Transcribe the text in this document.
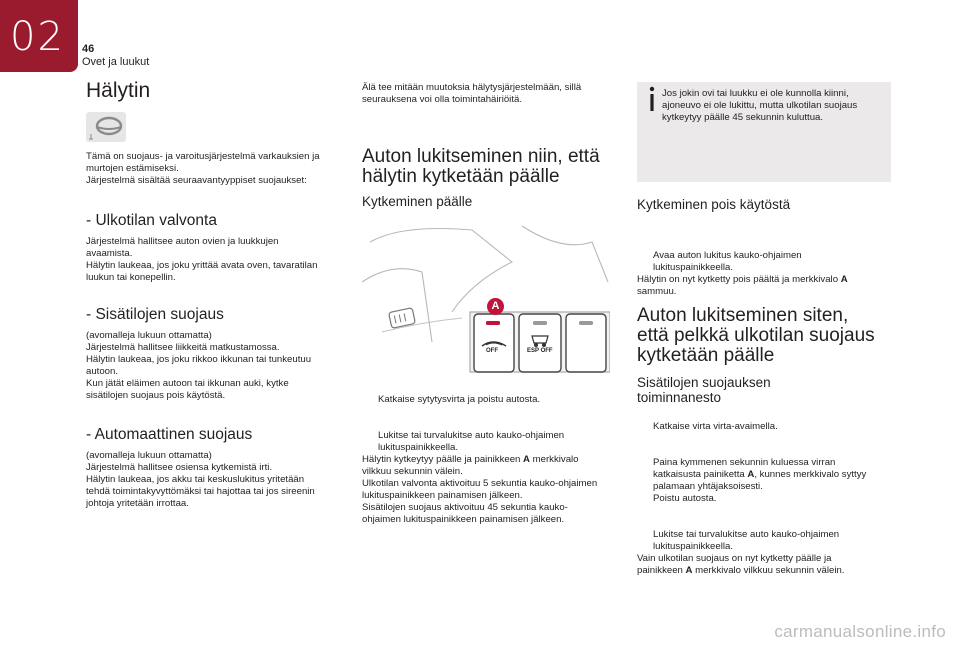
02 46
Ovet ja luukut
Hälytin
Tämä on suojaus- ja varoitusjärjestelmä varkauksien ja
murtojen estämiseksi.
Järjestelmä sisältää seuraavantyyppiset suojaukset:
- Ulkotilan valvonta
Järjestelmä hallitsee auton ovien ja luukkujen
avaamista.
Hälytin laukeaa, jos joku yrittää avata oven, tavaratilan
luukun tai konepellin.
- Sisätilojen suojaus
(avomalleja lukuun ottamatta)
Järjestelmä hallitsee liikkeitä matkustamossa.
Hälytin laukeaa, jos joku rikkoo ikkunan tai tunkeutuu
autoon.
Kun jätät eläimen autoon tai ikkunan auki, kytke
sisätilojen suojaus pois käytöstä.
- Automaattinen suojaus
(avomalleja lukuun ottamatta)
Järjestelmä hallitsee osiensa kytkemistä irti.
Hälytin laukeaa, jos akku tai keskuslukitus yritetään
tehdä toimintakyvyttömäksi tai hajottaa tai jos sireenin
johtoja yritetään irrottaa.
Älä tee mitään muutoksia hälytysjärjestelmään, sillä
seurauksena voi olla toimintahäiriöitä.
Auton lukitseminen niin, että
hälytin kytketään päälle
Kytkeminen päälle
A
OFF	ESP OFF
Katkaise sytytysvirta ja poistu autosta.

Lukitse tai turvalukitse auto kauko-ohjaimen
lukituspainikkeella.

Hälytin kytkeytyy päälle ja painikkeen A merkkivalo
vilkkuu sekunnin välein.
Ulkotilan valvonta aktivoituu 5 sekuntia kauko-ohjaimen
lukituspainikkeen painamisen jälkeen.
Sisätilojen suojaus aktivoituu 45 sekuntia kauko-
ohjaimen lukituspainikkeen painamisen jälkeen.
Jos jokin ovi tai luukku ei ole kunnolla kiinni,
ajoneuvo ei ole lukittu, mutta ulkotilan suojaus
kytkeytyy päälle 45 sekunnin kuluttua.
Kytkeminen pois käytöstä

Avaa auton lukitus kauko-ohjaimen
lukituspainikkeella.

Hälytin on nyt kytketty pois päältä ja merkkivalo A
sammuu.
Auton lukitseminen siten,
että pelkkä ulkotilan suojaus
kytketään päälle
Sisätilojen suojauksen
toiminnanesto
Katkaise virta virta-avaimella.

Paina kymmenen sekunnin kuluessa virran
katkaisusta painiketta A, kunnes merkkivalo syttyy
palamaan yhtäjaksoisesti.

Poistu autosta.

Lukitse tai turvalukitse auto kauko-ohjaimen
lukituspainikkeella.

Vain ulkotilan suojaus on nyt kytketty päälle ja
painikkeen A merkkivalo vilkkuu sekunnin välein.
carmanualsonline.info
